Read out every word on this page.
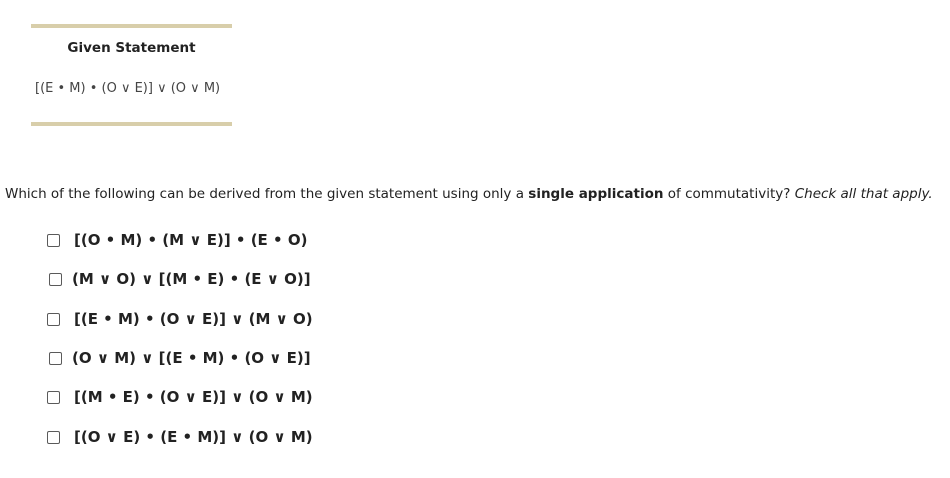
Given Statement
[(E • M) • (O ∨ E)] ∨ (O ∨ M)
Which of the following can be derived from the given statement using only a single application of commutativity? Check all that apply.
[(O • M) • (M ∨ E)] • (E • O)
(M ∨ O) ∨ [(M • E) • (E ∨ O)]
[(E • M) • (O ∨ E)] ∨ (M ∨ O)
(O ∨ M) ∨ [(E • M) • (O ∨ E)]
[(M • E) • (O ∨ E)] ∨ (O ∨ M)
[(O ∨ E) • (E • M)] ∨ (O ∨ M)
